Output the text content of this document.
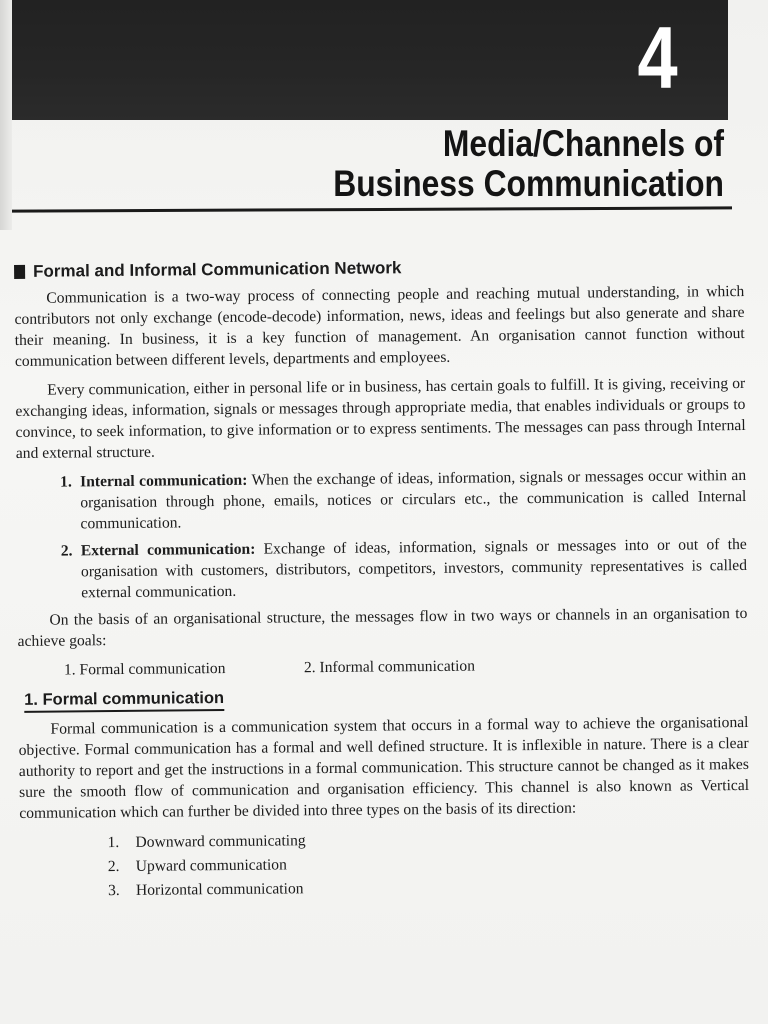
4
Media/Channels of
Business Communication
Formal and Informal Communication Network

Communication is a two-way process of connecting people and reaching mutual understanding, in which contributors not only exchange (encode-decode) information, news, ideas and feelings but also generate and share their meaning. In business, it is a key function of management. An organisation cannot function without communication between different levels, departments and employees.

Every communication, either in personal life or in business, has certain goals to fulfill. It is giving, receiving or exchanging ideas, information, signals or messages through appropriate media, that enables individuals or groups to convince, to seek information, to give information or to express sentiments. The messages can pass through Internal and external structure.

1. Internal communication: When the exchange of ideas, information, signals or messages occur within an organisation through phone, emails, notices or circulars etc., the communication is called Internal communication.
2. External communication: Exchange of ideas, information, signals or messages into or out of the organisation with customers, distributors, competitors, investors, community representatives is called external communication.

On the basis of an organisational structure, the messages flow in two ways or channels in an organisation to achieve goals:

1. Formal communication	2. Informal communication
1. Formal communication

Formal communication is a communication system that occurs in a formal way to achieve the organisational objective. Formal communication has a formal and well defined structure. It is inflexible in nature. There is a clear authority to report and get the instructions in a formal communication. This structure cannot be changed as it makes sure the smooth flow of communication and organisation efficiency. This channel is also known as Vertical communication which can further be divided into three types on the basis of its direction:

1. Downward communicating
2. Upward communication
3. Horizontal communication
